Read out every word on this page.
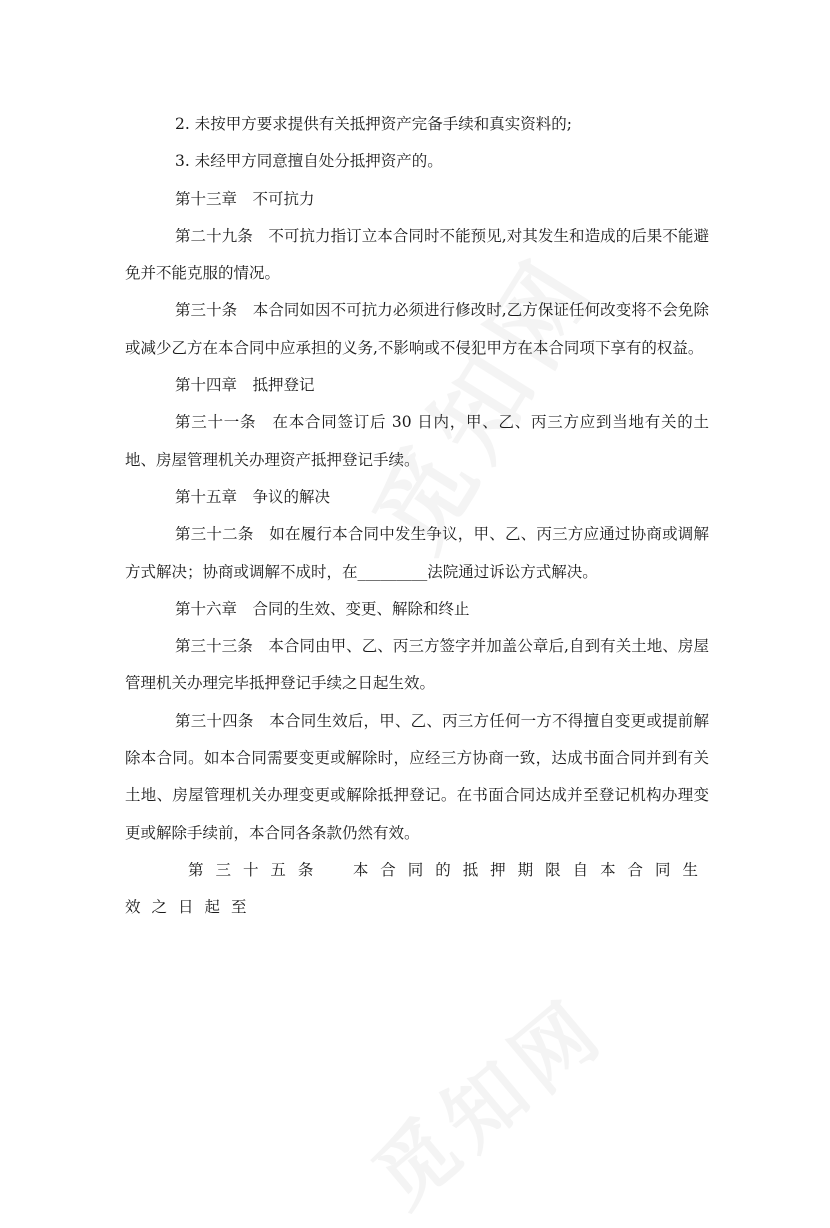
2. 未按甲方要求提供有关抵押资产完备手续和真实资料的;

3. 未经甲方同意擅自处分抵押资产的。

第十三章　不可抗力

第二十九条　不可抗力指订立本合同时不能预见,对其发生和造成的后果不能避免并不能克服的情况。

第三十条　本合同如因不可抗力必须进行修改时,乙方保证任何改变将不会免除或减少乙方在本合同中应承担的义务,不影响或不侵犯甲方在本合同项下享有的权益。

第十四章　抵押登记

第三十一条　在本合同签订后 30 日内，甲、乙、丙三方应到当地有关的土地、房屋管理机关办理资产抵押登记手续。

第十五章　争议的解决

第三十二条　如在履行本合同中发生争议，甲、乙、丙三方应通过协商或调解方式解决；协商或调解不成时，在_________法院通过诉讼方式解决。

第十六章　合同的生效、变更、解除和终止

第三十三条　本合同由甲、乙、丙三方签字并加盖公章后,自到有关土地、房屋管理机关办理完毕抵押登记手续之日起生效。

第三十四条　本合同生效后，甲、乙、丙三方任何一方不得擅自变更或提前解除本合同。如本合同需要变更或解除时，应经三方协商一致，达成书面合同并到有关土地、房屋管理机关办理变更或解除抵押登记。在书面合同达成并至登记机构办理变更或解除手续前，本合同各条款仍然有效。

第三十五条　本合同的抵押期限自本合同生效之日起至
